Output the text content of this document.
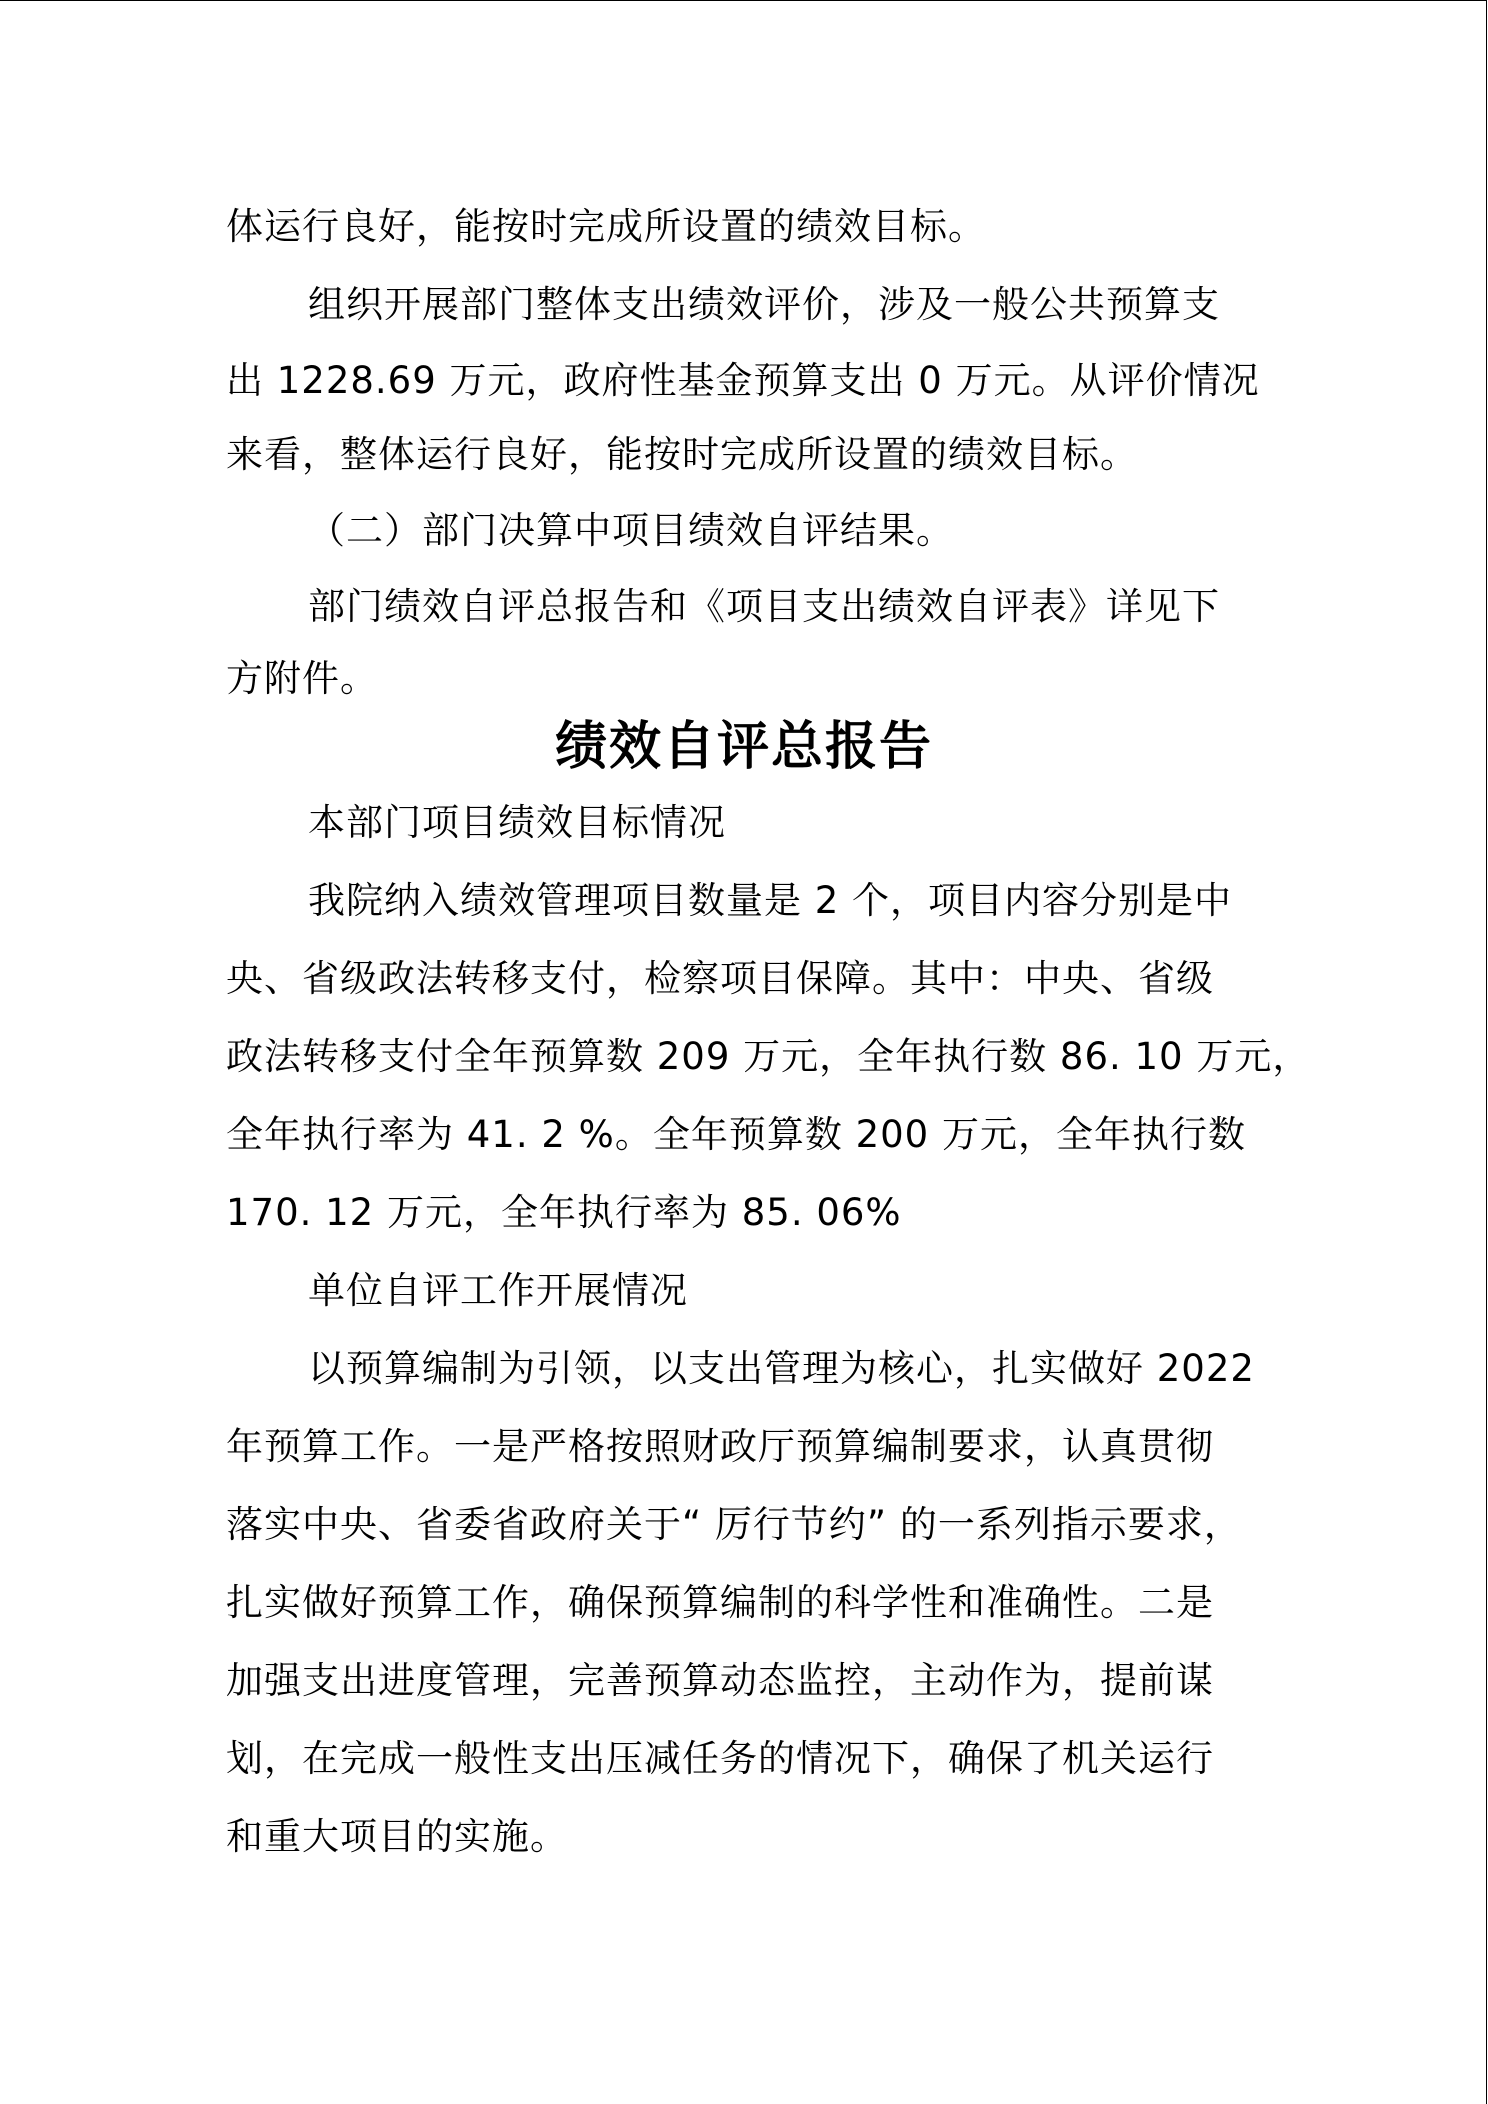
体运行良好，能按时完成所设置的绩效目标。

组织开展部门整体支出绩效评价，涉及一般公共预算支

出 1228.69 万元，政府性基金预算支出 0 万元。从评价情况

来看，整体运行良好，能按时完成所设置的绩效目标。

（二）部门决算中项目绩效自评结果。

部门绩效自评总报告和《项目支出绩效自评表》详见下

方附件。

绩效自评总报告

本部门项目绩效目标情况

我院纳入绩效管理项目数量是 2 个，项目内容分别是中

央、省级政法转移支付，检察项目保障。其中：中央、省级

政法转移支付全年预算数 209 万元，全年执行数 86. 10 万元，

全年执行率为 41. 2 %。全年预算数 200 万元，全年执行数

170. 12 万元，全年执行率为 85. 06%

单位自评工作开展情况

以预算编制为引领，以支出管理为核心，扎实做好 2022

年预算工作。一是严格按照财政厅预算编制要求，认真贯彻

落实中央、省委省政府关于“ 厉行节约” 的一系列指示要求，

扎实做好预算工作，确保预算编制的科学性和准确性。二是

加强支出进度管理，完善预算动态监控，主动作为，提前谋

划，在完成一般性支出压减任务的情况下，确保了机关运行

和重大项目的实施。
